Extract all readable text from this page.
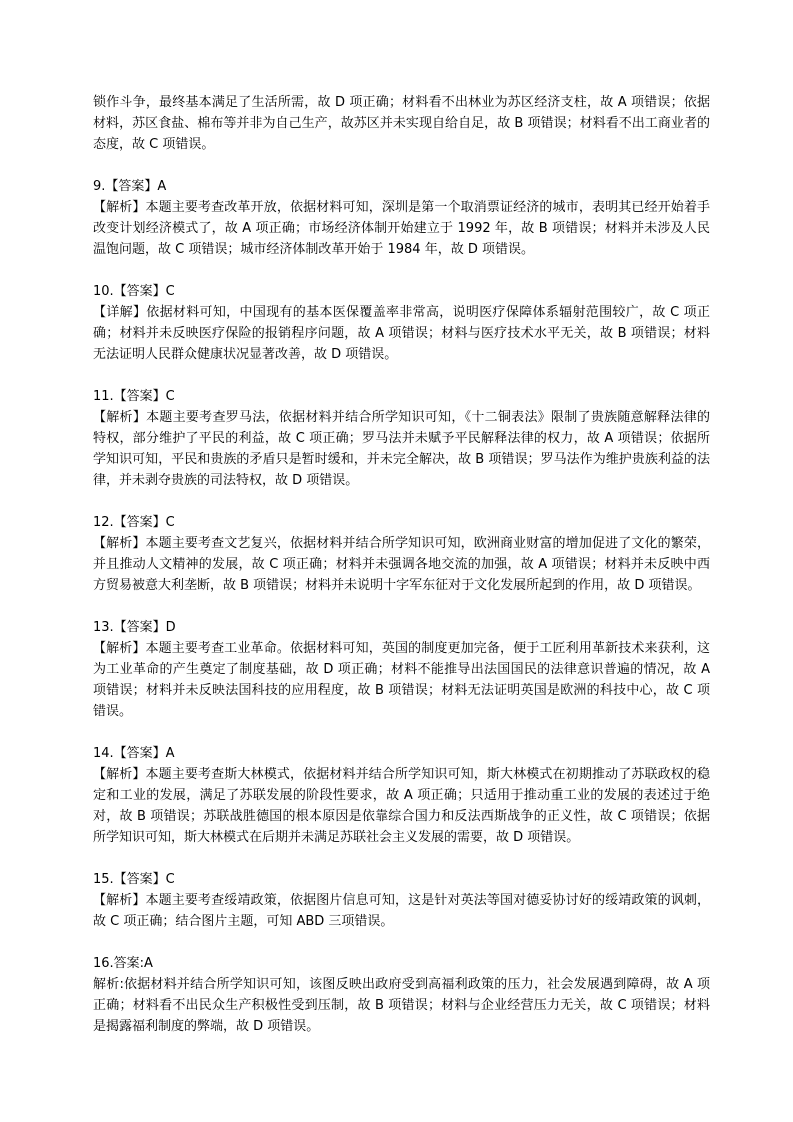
锁作斗争，最终基本满足了生活所需，故 D 项正确；材料看不出林业为苏区经济支柱，故 A 项错误；依据材料，苏区食盐、棉布等并非为自己生产，故苏区并未实现自给自足，故 B 项错误；材料看不出工商业者的态度，故 C 项错误。

9.【答案】A

【解析】本题主要考查改革开放，依据材料可知，深圳是第一个取消票证经济的城市，表明其已经开始着手改变计划经济模式了，故 A 项正确；市场经济体制开始建立于 1992 年，故 B 项错误；材料并未涉及人民温饱问题，故 C 项错误；城市经济体制改革开始于 1984 年，故 D 项错误。

10.【答案】C

【详解】依据材料可知，中国现有的基本医保覆盖率非常高，说明医疗保障体系辐射范围较广，故 C 项正确；材料并未反映医疗保险的报销程序问题，故 A 项错误；材料与医疗技术水平无关，故 B 项错误；材料无法证明人民群众健康状况显著改善，故 D 项错误。

11.【答案】C

【解析】本题主要考查罗马法，依据材料并结合所学知识可知，《十二铜表法》限制了贵族随意解释法律的特权，部分维护了平民的利益，故 C 项正确；罗马法并未赋予平民解释法律的权力，故 A 项错误；依据所学知识可知，平民和贵族的矛盾只是暂时缓和，并未完全解决，故 B 项错误；罗马法作为维护贵族利益的法律，并未剥夺贵族的司法特权，故 D 项错误。

12.【答案】C

【解析】本题主要考查文艺复兴，依据材料并结合所学知识可知，欧洲商业财富的增加促进了文化的繁荣，并且推动人文精神的发展，故 C 项正确；材料并未强调各地交流的加强，故 A 项错误；材料并未反映中西方贸易被意大利垄断，故 B 项错误；材料并未说明十字军东征对于文化发展所起到的作用，故 D 项错误。

13.【答案】D

【解析】本题主要考查工业革命。依据材料可知，英国的制度更加完备，便于工匠利用革新技术来获利，这为工业革命的产生奠定了制度基础，故 D 项正确；材料不能推导出法国国民的法律意识普遍的情况，故 A 项错误；材料并未反映法国科技的应用程度，故 B 项错误；材料无法证明英国是欧洲的科技中心，故 C 项错误。

14.【答案】A

【解析】本题主要考查斯大林模式，依据材料并结合所学知识可知，斯大林模式在初期推动了苏联政权的稳定和工业的发展，满足了苏联发展的阶段性要求，故 A 项正确；只适用于推动重工业的发展的表述过于绝对，故 B 项错误；苏联战胜德国的根本原因是依靠综合国力和反法西斯战争的正义性，故 C 项错误；依据所学知识可知，斯大林模式在后期并未满足苏联社会主义发展的需要，故 D 项错误。

15.【答案】C

【解析】本题主要考查绥靖政策，依据图片信息可知，这是针对英法等国对德妥协讨好的绥靖政策的讽刺，故 C 项正确；结合图片主题，可知 ABD 三项错误。

16.答案:A

解析:依据材料并结合所学知识可知，该图反映出政府受到高福利政策的压力，社会发展遇到障碍，故 A 项正确；材料看不出民众生产积极性受到压制，故 B 项错误；材料与企业经营压力无关，故 C 项错误；材料是揭露福利制度的弊端，故 D 项错误。
